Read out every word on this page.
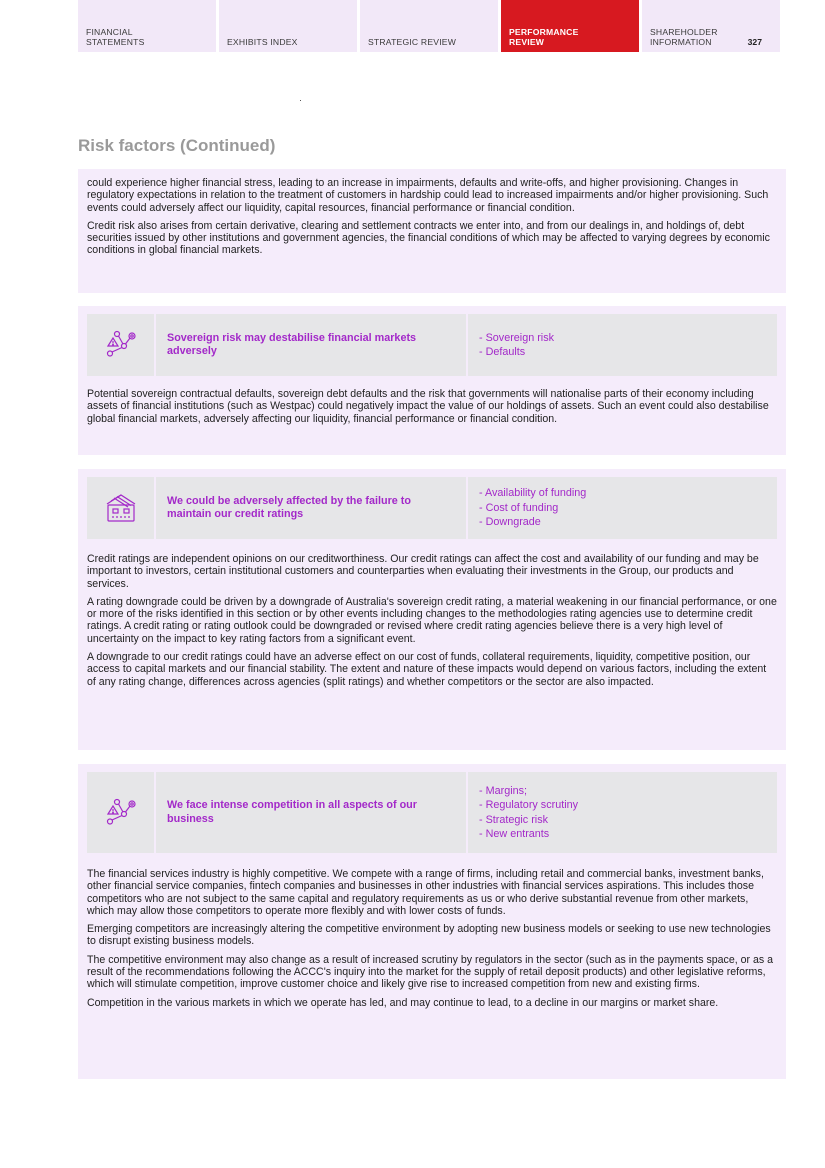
FINANCIAL
STATEMENTS	EXHIBITS INDEX	STRATEGIC REVIEW
PERFORMANCE
REVIEW
SHAREHOLDER
INFORMATION	327
Risk factors (Continued)

could experience higher financial stress, leading to an increase in impairments, defaults and write-offs, and higher provisioning. Changes in regulatory expectations in relation to the treatment of customers in hardship could lead to increased impairments and/or higher provisioning. Such events could adversely affect our liquidity, capital resources, financial performance or financial condition.

Credit risk also arises from certain derivative, clearing and settlement contracts we enter into, and from our dealings in, and holdings of, debt securities issued by other institutions and government agencies, the financial conditions of which may be affected to varying degrees by economic conditions in global financial markets.

Sovereign risk may destabilise financial markets adversely
- Sovereign risk
- Defaults

Potential sovereign contractual defaults, sovereign debt defaults and the risk that governments will nationalise parts of their economy including assets of financial institutions (such as Westpac) could negatively impact the value of our holdings of assets. Such an event could also destabilise global financial markets, adversely affecting our liquidity, financial performance or financial condition.

We could be adversely affected by the failure to maintain our credit ratings
- Availability of funding
- Cost of funding
- Downgrade

Credit ratings are independent opinions on our creditworthiness. Our credit ratings can affect the cost and availability of our funding and may be important to investors, certain institutional customers and counterparties when evaluating their investments in the Group, our products and services.

A rating downgrade could be driven by a downgrade of Australia's sovereign credit rating, a material weakening in our financial performance, or one or more of the risks identified in this section or by other events including changes to the methodologies rating agencies use to determine credit ratings. A credit rating or rating outlook could be downgraded or revised where credit rating agencies believe there is a very high level of uncertainty on the impact to key rating factors from a significant event.

A downgrade to our credit ratings could have an adverse effect on our cost of funds, collateral requirements, liquidity, competitive position, our access to capital markets and our financial stability. The extent and nature of these impacts would depend on various factors, including the extent of any rating change, differences across agencies (split ratings) and whether competitors or the sector are also impacted.

We face intense competition in all aspects of our business
- Margins;
- Regulatory scrutiny
- Strategic risk
- New entrants

The financial services industry is highly competitive. We compete with a range of firms, including retail and commercial banks, investment banks, other financial service companies, fintech companies and businesses in other industries with financial services aspirations. This includes those competitors who are not subject to the same capital and regulatory requirements as us or who derive substantial revenue from other markets, which may allow those competitors to operate more flexibly and with lower costs of funds.

Emerging competitors are increasingly altering the competitive environment by adopting new business models or seeking to use new technologies to disrupt existing business models.

The competitive environment may also change as a result of increased scrutiny by regulators in the sector (such as in the payments space, or as a result of the recommendations following the ACCC's inquiry into the market for the supply of retail deposit products) and other legislative reforms, which will stimulate competition, improve customer choice and likely give rise to increased competition from new and existing firms.

Competition in the various markets in which we operate has led, and may continue to lead, to a decline in our margins or market share.
